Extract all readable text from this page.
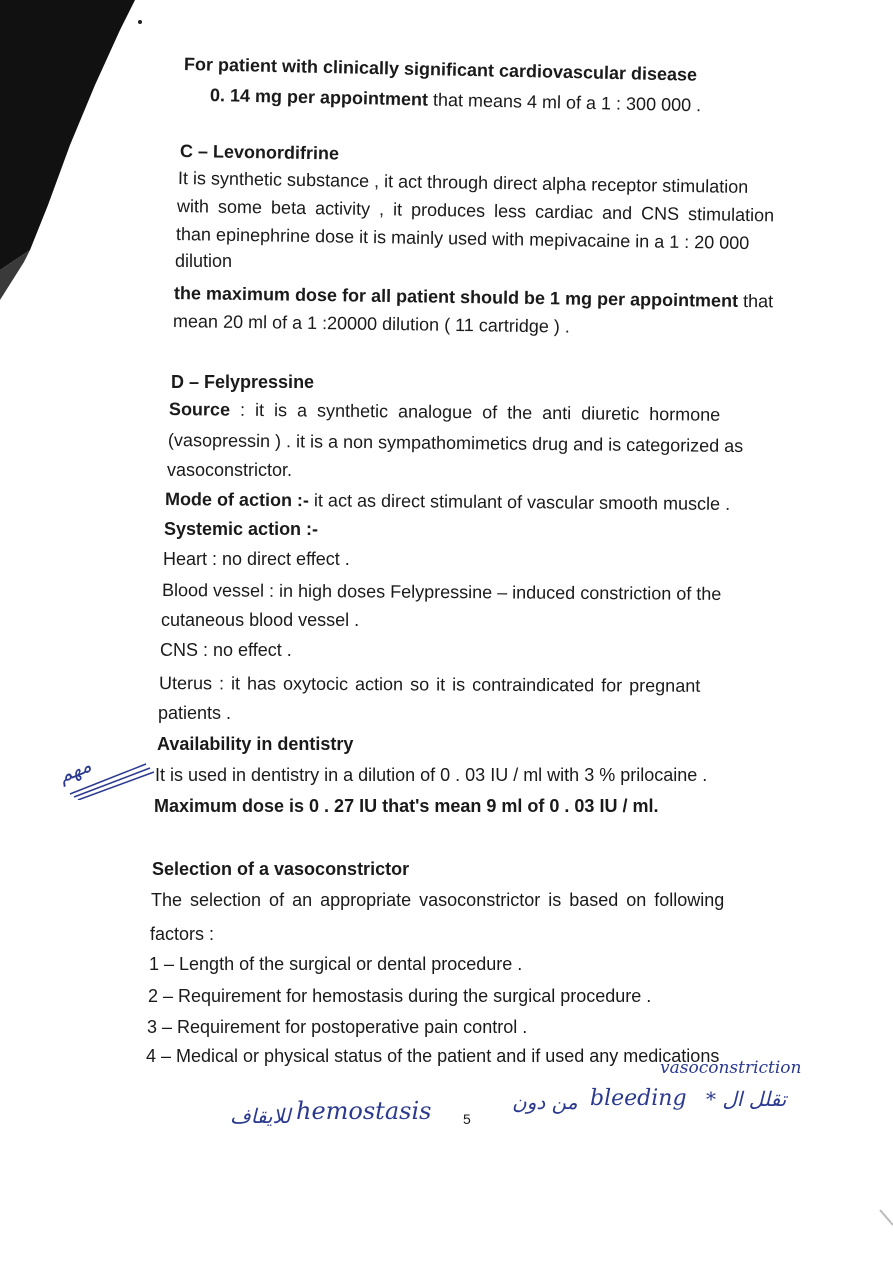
For patient with clinically significant cardiovascular disease
0. 14 mg per appointment that means 4 ml of a 1 : 300 000 .
C – Levonordifrine
It is synthetic substance , it act through direct alpha receptor stimulation
with some beta activity , it produces less cardiac and CNS stimulation
than epinephrine dose it is mainly used with mepivacaine in a 1 : 20 000
dilution
the maximum dose for all patient should be 1 mg per appointment that
mean 20 ml of a 1 :20000 dilution ( 11 cartridge ) .
D – Felypressine
Source : it is a synthetic analogue of the anti diuretic hormone
(vasopressin ) . it is a non sympathomimetics drug and is categorized as
vasoconstrictor.
Mode of action :- it act as direct stimulant of vascular smooth muscle .
Systemic action :-
Heart : no direct effect .
Blood vessel : in high doses Felypressine – induced constriction of the
cutaneous blood vessel .
CNS : no effect .
Uterus : it has oxytocic action so it is contraindicated for pregnant
patients .
Availability in dentistry
It is used in dentistry in a dilution of 0 . 03 IU / ml with 3 % prilocaine .
Maximum dose is 0 . 27 IU that's mean 9 ml of 0 . 03 IU / ml.
Selection of a vasoconstrictor
The selection of an appropriate vasoconstrictor is based on following
factors :
1 – Length of the surgical or dental procedure .
2 – Requirement for hemostasis during the surgical procedure .
3 – Requirement for postoperative pain control .
4 – Medical or physical status of the patient and if used any medications
مهم
vasoconstriction
* تقلل ال
bleeding
من دون
hemostasis
للايقاف	5
